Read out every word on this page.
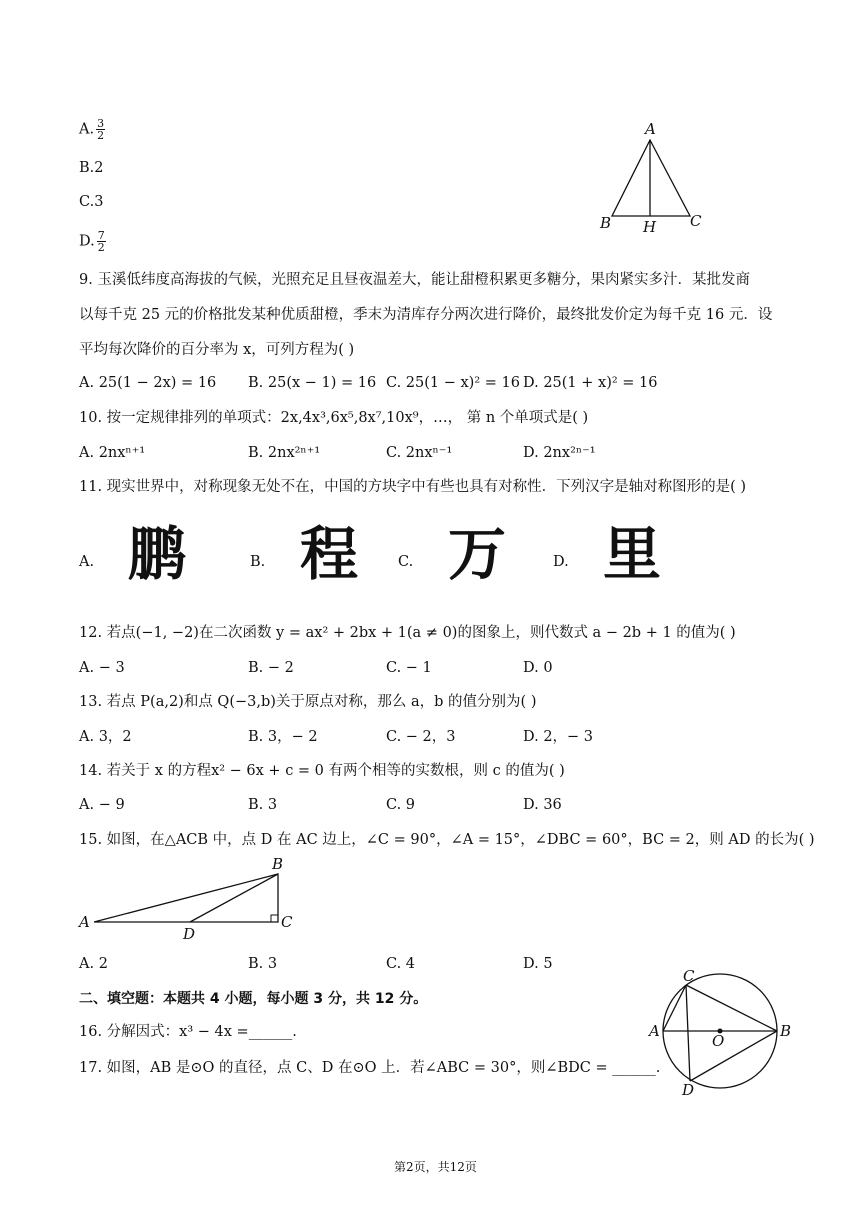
A. $\frac{3}{2}$
B.2
C.3
D. $\frac{7}{2}$
A
B H C
9. 玉溪低纬度高海拔的气候，光照充足且昼夜温差大，能让甜橙积累更多糖分，果肉紧实多汁．某批发商
以每千克 25 元的价格批发某种优质甜橙，季末为清库存分两次进行降价，最终批发价定为每千克 16 元．设
平均每次降价的百分率为 x，可列方程为( )
A. 25(1 − 2x) = 16 B. 25(x − 1) = 16 C. 25(1 − x)² = 16 D. 25(1 + x)² = 16
10. 按一定规律排列的单项式：2x,4x³,6x⁵,8x⁷,10x⁹，…， 第 n 个单项式是( )
A. 2nxⁿ⁺¹	B. 2nx²ⁿ⁺¹	C. 2nxⁿ⁻¹	D. 2nx²ⁿ⁻¹
11. 现实世界中，对称现象无处不在，中国的方块字中有些也具有对称性．下列汉字是轴对称图形的是( )
A. 鹏	B. 程	C. 万	D. 里
12. 若点(−1, −2)在二次函数 y = ax² + 2bx + 1(a ≠ 0)的图象上，则代数式 a − 2b + 1 的值为( )
A. − 3	B. − 2	C. − 1	D. 0
13. 若点 P(a,2)和点 Q(−3,b)关于原点对称，那么 a，b 的值分别为( )
A. 3，2	B. 3，− 2	C. − 2，3	D. 2，− 3
14. 若关于 x 的方程x² − 6x + c = 0 有两个相等的实数根，则 c 的值为( )
A. − 9	B. 3	C. 9	D. 36
15. 如图，在△ACB 中，点 D 在 AC 边上，∠C = 90°，∠A = 15°，∠DBC = 60°，BC = 2，则 AD 的长为( )
B
A
D
C
A. 2	B. 3	C. 4	D. 5
二、填空题：本题共 4 小题，每小题 3 分，共 12 分。
16. 分解因式：x³ − 4x =______.
17. 如图，AB 是⊙O 的直径，点 C、D 在⊙O 上．若∠ABC = 30°，则∠BDC = ______.
C
A
O
B
D
第2页，共12页
